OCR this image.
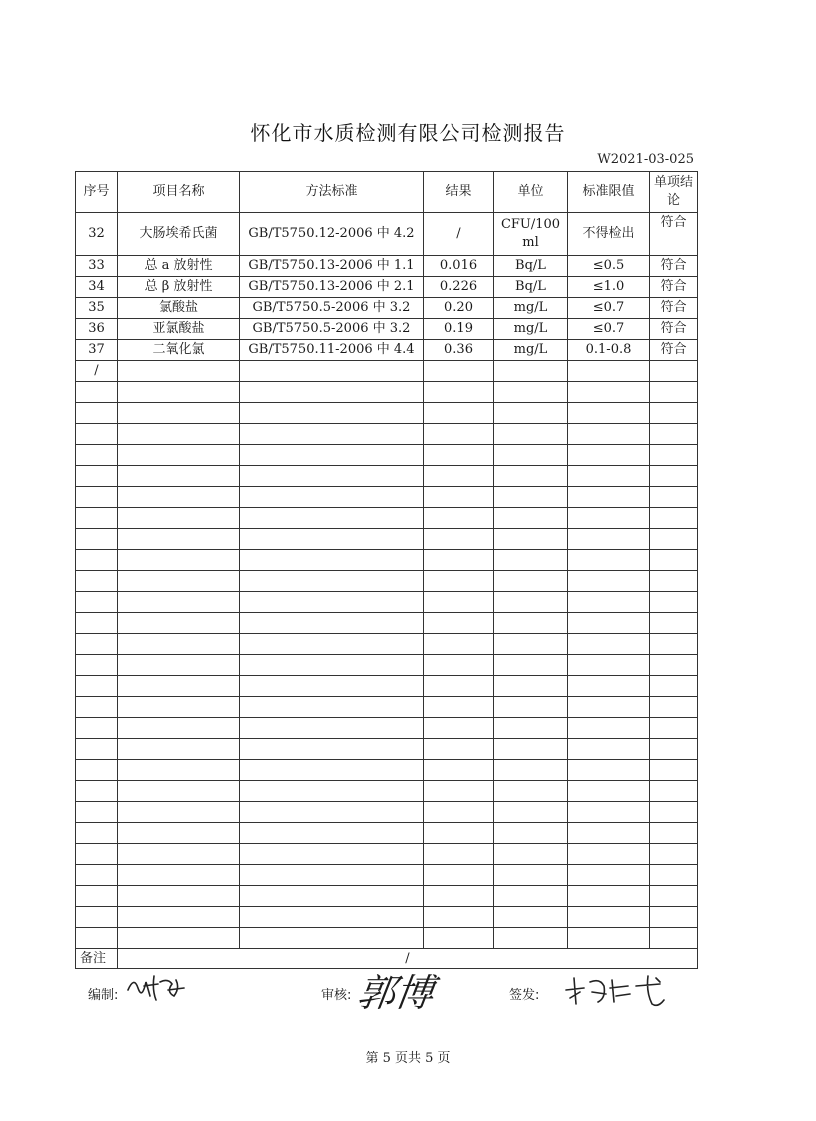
怀化市水质检测有限公司检测报告
W2021-03-025
序号	项目名称	方法标准	结果	单位	标准限值	单项结论
32	大肠埃希氏菌	GB/T5750.12-2006 中 4.2	/	CFU/100 ml	不得检出	符合
33	总 a 放射性	GB/T5750.13-2006 中 1.1	0.016	Bq/L	≤0.5	符合
34	总 β 放射性	GB/T5750.13-2006 中 2.1	0.226	Bq/L	≤1.0	符合
35	氯酸盐	GB/T5750.5-2006 中 3.2	0.20	mg/L	≤0.7	符合
36	亚氯酸盐	GB/T5750.5-2006 中 3.2	0.19	mg/L	≤0.7	符合
37	二氧化氯	GB/T5750.11-2006 中 4.4	0.36	mg/L	0.1-0.8	符合
/						

备注	/					
编制:	审核: 郭博	签发:
第 5 页共 5 页
